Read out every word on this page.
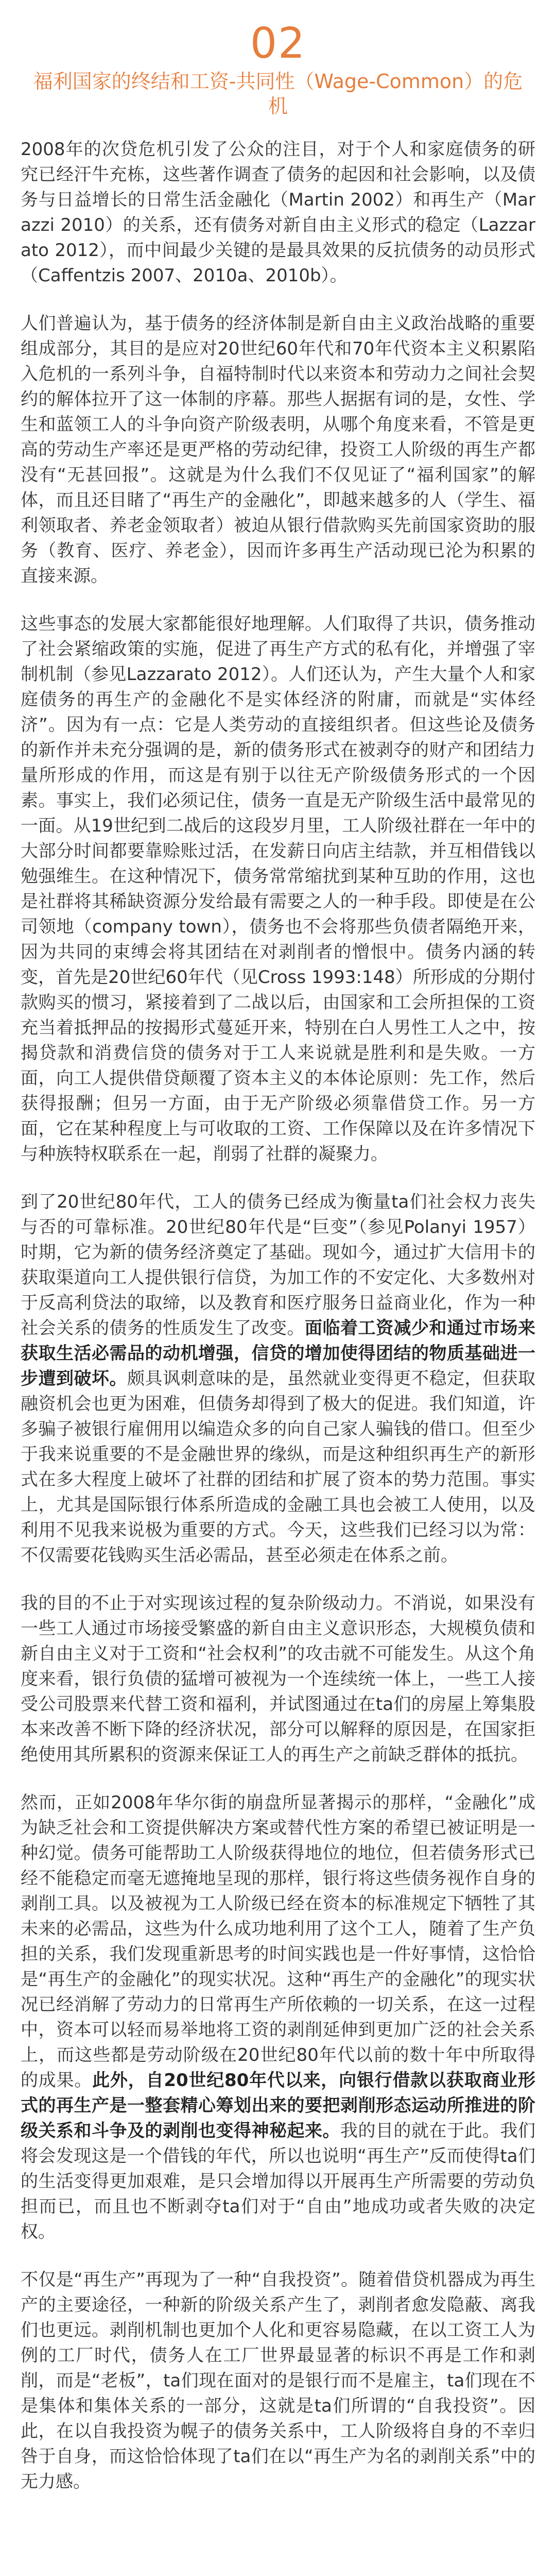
02
福利国家的终结和工资-共同性（Wage-Common）的危机

2008年的次贷危机引发了公众的注目，对于个人和家庭债务的研究已经汗牛充栋，这些著作调查了债务的起因和社会影响，以及债务与日益增长的日常生活金融化（Martin 2002）和再生产（Marazzi 2010）的关系，还有债务对新自由主义形式的稳定（Lazzarato 2012），而中间最少关键的是最具效果的反抗债务的动员形式（Caffentzis 2007、2010a、2010b）。

人们普遍认为，基于债务的经济体制是新自由主义政治战略的重要组成部分，其目的是应对20世纪60年代和70年代资本主义积累陷入危机的一系列斗争，自福特制时代以来资本和劳动力之间社会契约的解体拉开了这一体制的序幕。那些人据据有词的是，女性、学生和蓝领工人的斗争向资产阶级表明，从哪个角度来看，不管是更高的劳动生产率还是更严格的劳动纪律，投资工人阶级的再生产都没有“无甚回报”。这就是为什么我们不仅见证了“福利国家”的解体，而且还目睹了“再生产的金融化”，即越来越多的人（学生、福利领取者、养老金领取者）被迫从银行借款购买先前国家资助的服务（教育、医疗、养老金），因而许多再生产活动现已沦为积累的直接来源。

这些事态的发展大家都能很好地理解。人们取得了共识，债务推动了社会紧缩政策的实施，促进了再生产方式的私有化，并增强了宰制机制（参见Lazzarato 2012）。人们还认为，产生大量个人和家庭债务的再生产的金融化不是实体经济的附庸，而就是“实体经济”。因为有一点：它是人类劳动的直接组织者。但这些论及债务的新作并未充分强调的是，新的债务形式在被剥夺的财产和团结力量所形成的作用，而这是有别于以往无产阶级债务形式的一个因素。事实上，我们必须记住，债务一直是无产阶级生活中最常见的一面。从19世纪到二战后的这段岁月里，工人阶级社群在一年中的大部分时间都要靠赊账过活，在发薪日向店主结款，并互相借钱以勉强维生。在这种情况下，债务常常缩扰到某种互助的作用，这也是社群将其稀缺资源分发给最有需要之人的一种手段。即使是在公司领地（company town），债务也不会将那些负债者隔绝开来，因为共同的束缚会将其团结在对剥削者的憎恨中。债务内涵的转变，首先是20世纪60年代（见Cross 1993:148）所形成的分期付款购买的惯习，紧接着到了二战以后，由国家和工会所担保的工资充当着抵押品的按揭形式蔓延开来，特别在白人男性工人之中，按揭贷款和消费信贷的债务对于工人来说就是胜利和是失败。一方面，向工人提供借贷颠覆了资本主义的本体论原则：先工作，然后获得报酬；但另一方面，由于无产阶级必须靠借贷工作。另一方面，它在某种程度上与可收取的工资、工作保障以及在许多情况下与种族特权联系在一起，削弱了社群的凝聚力。

到了20世纪80年代，工人的债务已经成为衡量ta们社会权力丧失与否的可靠标准。20世纪80年代是“巨变”（参见Polanyi 1957）时期，它为新的债务经济奠定了基础。现如今，通过扩大信用卡的获取渠道向工人提供银行信贷，为加工作的不安定化、大多数州对于反高利贷法的取缔，以及教育和医疗服务日益商业化，作为一种社会关系的债务的性质发生了改变。面临着工资减少和通过市场来获取生活必需品的动机增强，信贷的增加使得团结的物质基础进一步遭到破坏。颇具讽刺意味的是，虽然就业变得更不稳定，但获取融资机会也更为困难，但债务却得到了极大的促进。我们知道，许多骗子被银行雇佣用以编造众多的向自己家人骗钱的借口。但至少于我来说重要的不是金融世界的缘纵，而是这种组织再生产的新形式在多大程度上破坏了社群的团结和扩展了资本的势力范围。事实上，尤其是国际银行体系所造成的金融工具也会被工人使用，以及利用不见我来说极为重要的方式。今天，这些我们已经习以为常：不仅需要花钱购买生活必需品，甚至必须走在体系之前。

我的目的不止于对实现该过程的复杂阶级动力。不消说，如果没有一些工人通过市场接受繁盛的新自由主义意识形态，大规模负债和新自由主义对于工资和“社会权利”的攻击就不可能发生。从这个角度来看，银行负债的猛增可被视为一个连续统一体上，一些工人接受公司股票来代替工资和福利，并试图通过在ta们的房屋上筹集股本来改善不断下降的经济状况，部分可以解释的原因是，在国家拒绝使用其所累积的资源来保证工人的再生产之前缺乏群体的抵抗。

然而，正如2008年华尔街的崩盘所显著揭示的那样，“金融化”成为缺乏社会和工资提供解决方案或替代性方案的希望已被证明是一种幻觉。债务可能帮助工人阶级获得地位的地位，但若债务形式已经不能稳定而毫无遮掩地呈现的那样，银行将这些债务视作自身的剥削工具。以及被视为工人阶级已经在资本的标准规定下牺牲了其未来的必需品，这些为什么成功地利用了这个工人，随着了生产负担的关系，我们发现重新思考的时间实践也是一件好事情，这恰恰是“再生产的金融化”的现实状况。这种“再生产的金融化”的现实状况已经消解了劳动力的日常再生产所依赖的一切关系，在这一过程中，资本可以轻而易举地将工资的剥削延伸到更加广泛的社会关系上，而这些都是劳动阶级在20世纪80年代以前的数十年中所取得的成果。此外，自20世纪80年代以来，向银行借款以获取商业形式的再生产是一整套精心筹划出来的要把剥削形态运动所推进的阶级关系和斗争及的剥削也变得神秘起来。我的目的就在于此。我们将会发现这是一个借钱的年代，所以也说明“再生产”反而使得ta们的生活变得更加艰难，是只会增加得以开展再生产所需要的劳动负担而已，而且也不断剥夺ta们对于“自由”地成功或者失败的决定权。

不仅是“再生产”再现为了一种“自我投资”。随着借贷机器成为再生产的主要途径，一种新的阶级关系产生了，剥削者愈发隐蔽、离我们也更远。剥削机制也更加个人化和更容易隐藏，在以工资工人为例的工厂时代，债务人在工厂世界最显著的标识不再是工作和剥削，而是“老板”，ta们现在面对的是银行而不是雇主，ta们现在不是集体和集体关系的一部分，这就是ta们所谓的“自我投资”。因此，在以自我投资为幌子的债务关系中，工人阶级将自身的不幸归咎于自身，而这恰恰体现了ta们在以“再生产为名的剥削关系”中的无力感。
